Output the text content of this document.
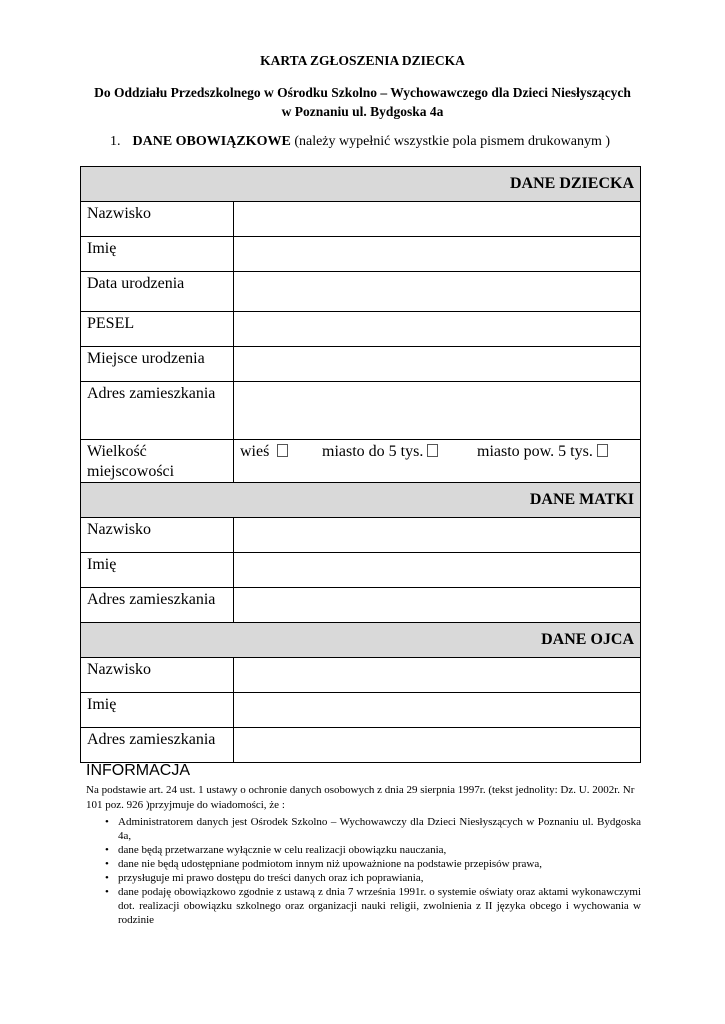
KARTA ZGŁOSZENIA DZIECKA
Do Oddziału Przedszkolnego w Ośrodku Szkolno – Wychowawczego dla Dzieci Niesłyszących w Poznaniu ul. Bydgoska 4a
1. DANE OBOWIĄZKOWE (należy wypełnić wszystkie pola pismem drukowanym )
DANE DZIECKA	
Nazwisko	
Imię	
Data urodzenia	
PESEL	
Miejsce urodzenia	
Adres zamieszkania	
Wielkość miejscowości	wieś miasto do 5 tys. miasto pow. 5 tys.
DANE MATKI	
Nazwisko	
Imię	
Adres zamieszkania	
DANE OJCA	
Nazwisko	
Imię	
Adres zamieszkania	
INFORMACJA
Na podstawie art. 24 ust. 1 ustawy o ochronie danych osobowych z dnia 29 sierpnia 1997r. (tekst jednolity: Dz. U. 2002r. Nr 101 poz. 926 )przyjmuje do wiadomości, że :
• Administratorem danych jest Ośrodek Szkolno – Wychowawczy dla Dzieci Niesłyszących w Poznaniu ul. Bydgoska 4a,
• dane będą przetwarzane wyłącznie w celu realizacji obowiązku nauczania,
• dane nie będą udostępniane podmiotom innym niż upoważnione na podstawie przepisów prawa,
• przysługuje mi prawo dostępu do treści danych oraz ich poprawiania,
• dane podaję obowiązkowo zgodnie z ustawą z dnia 7 września 1991r. o systemie oświaty oraz aktami wykonawczymi dot. realizacji obowiązku szkolnego oraz organizacji nauki religii, zwolnienia z II języka obcego i wychowania w rodzinie
